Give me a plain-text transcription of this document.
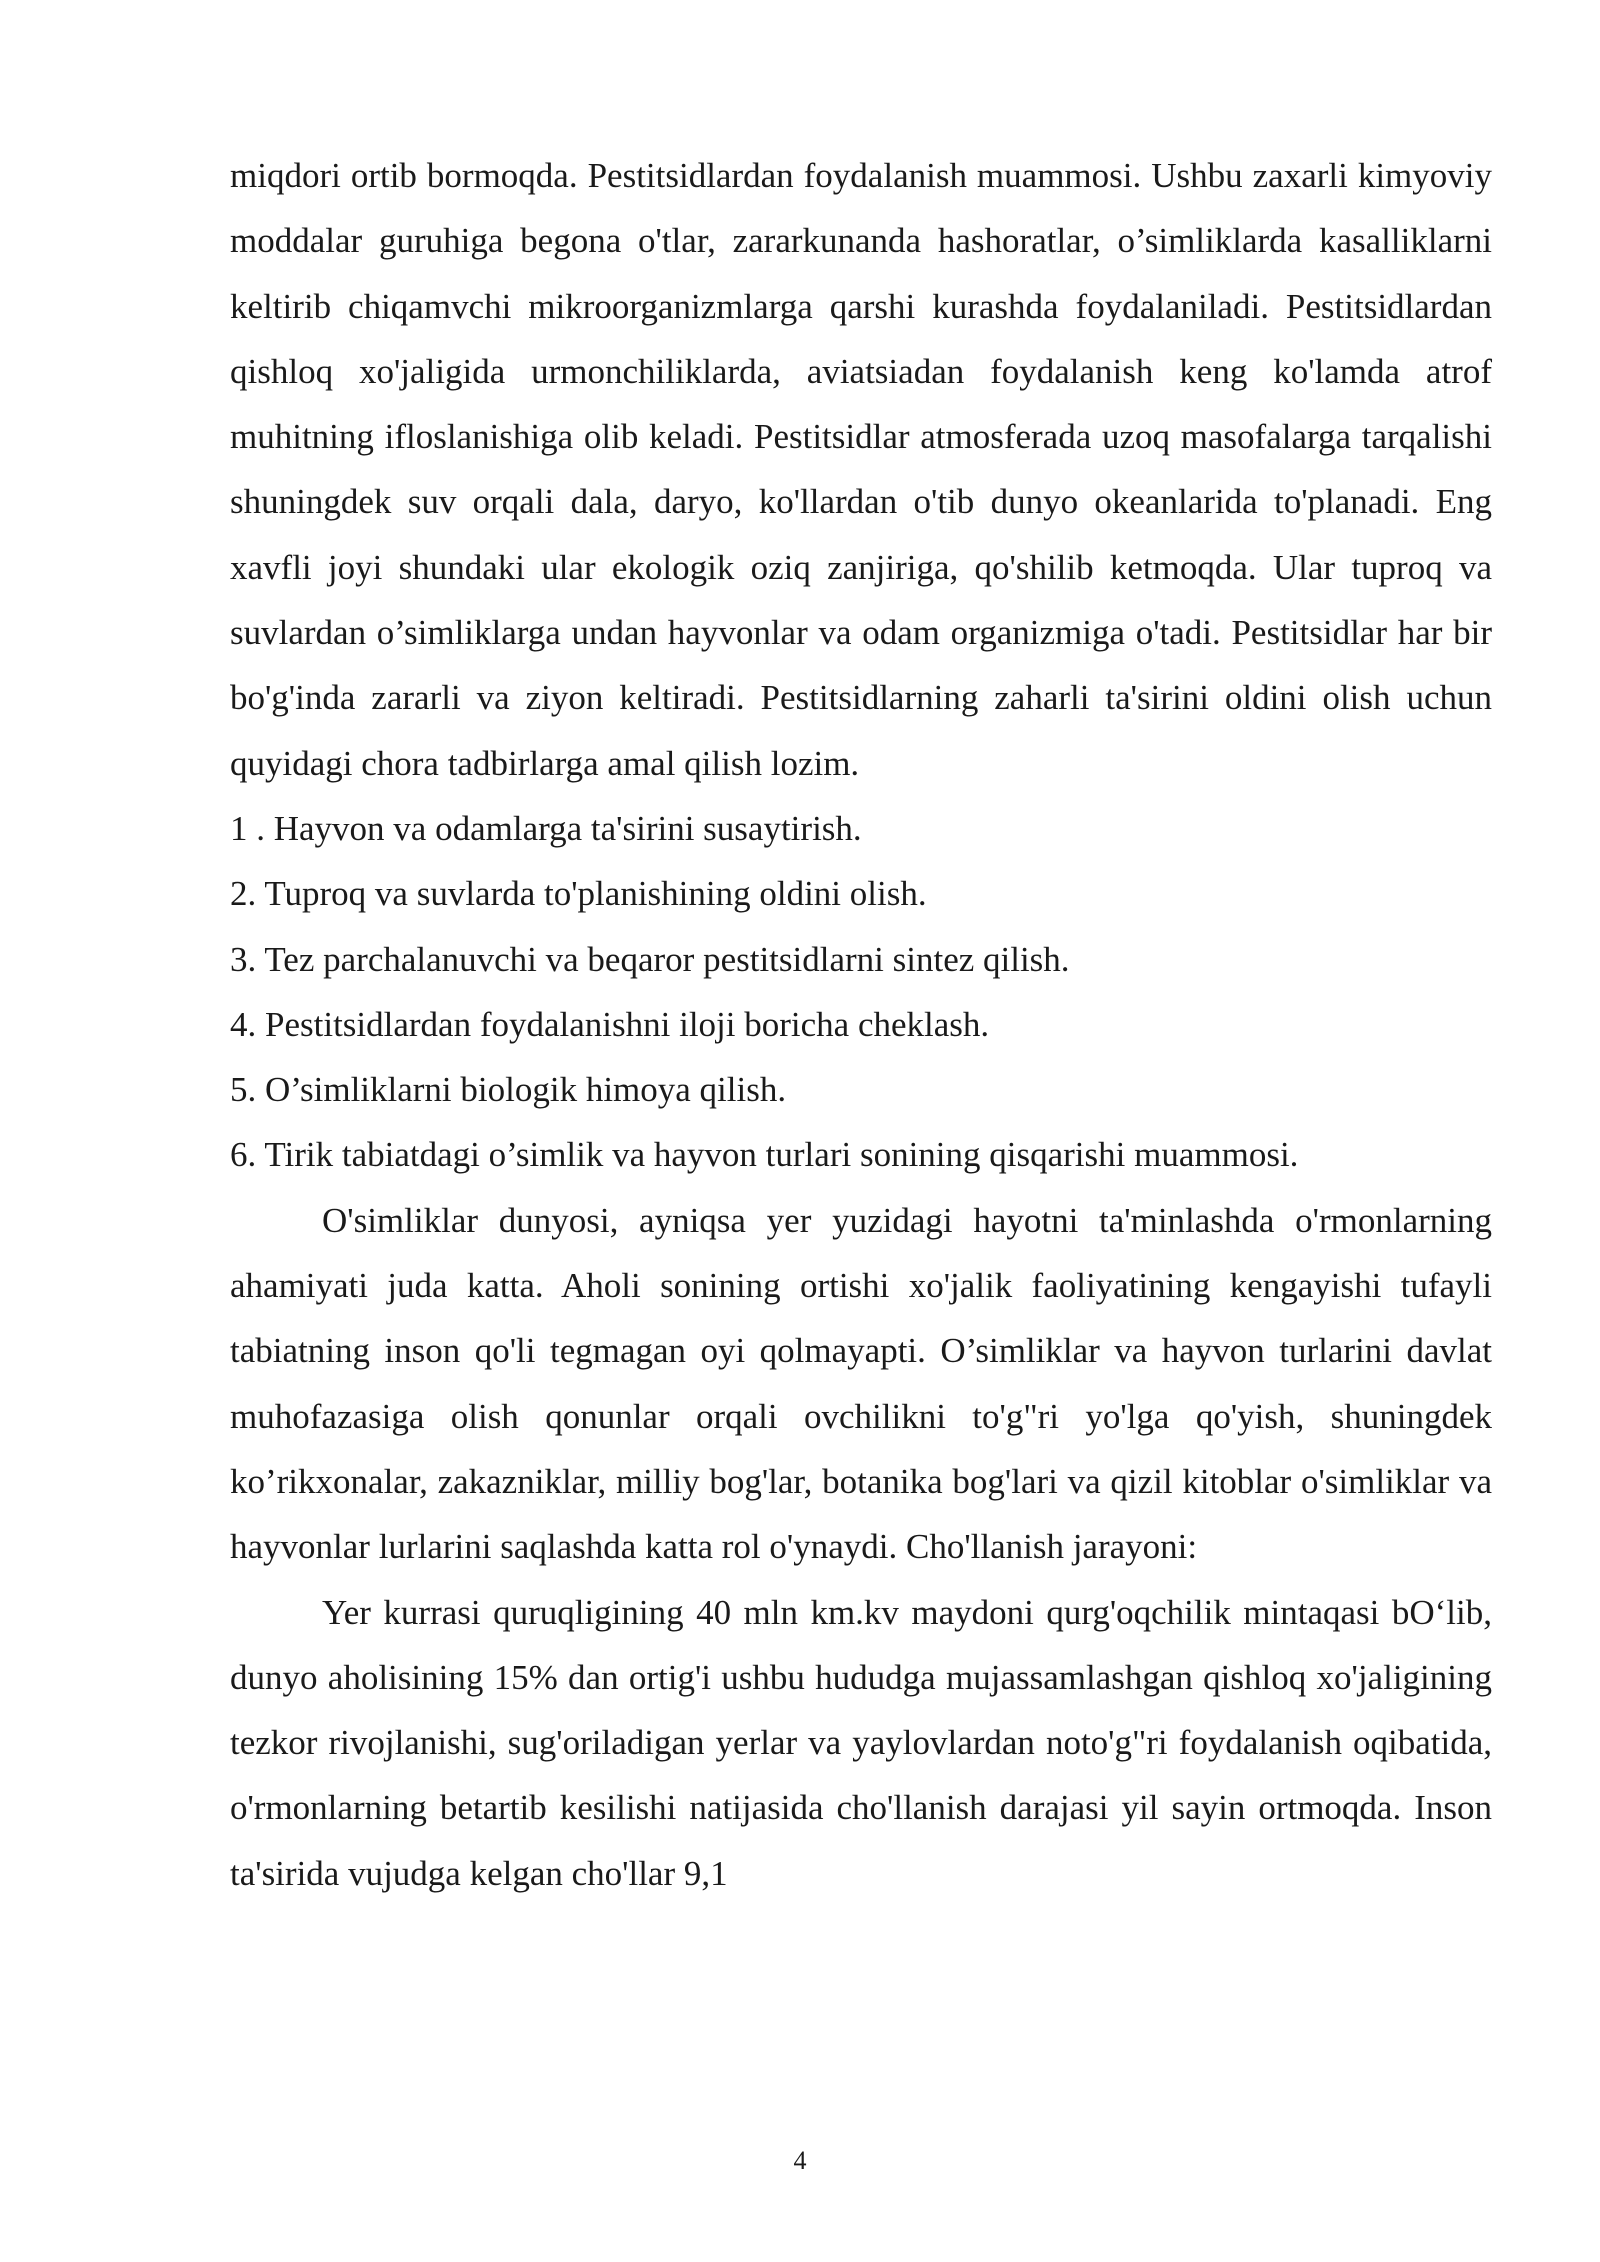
miqdori ortib bormoqda. Pestitsidlardan foydalanish muammosi. Ushbu zaxarli kimyoviy moddalar guruhiga begona o'tlar, zararkunanda hashoratlar, o’simliklarda kasalliklarni keltirib chiqamvchi mikroorganizmlarga qarshi kurashda foydalaniladi. Pestitsidlardan qishloq xo'jaligida urmonchiliklarda, aviatsiadan foydalanish keng ko'lamda atrof muhitning ifloslanishiga olib keladi. Pestitsidlar atmosferada uzoq masofalarga tarqalishi shuningdek suv orqali dala, daryo, ko'llardan o'tib dunyo okeanlarida to'planadi. Eng xavfli joyi shundaki ular ekologik oziq zanjiriga, qo'shilib ketmoqda. Ular tuproq va suvlardan o’simliklarga undan hayvonlar va odam organizmiga o'tadi. Pestitsidlar har bir bo'g'inda zararli va ziyon keltiradi. Pestitsidlarning zaharli ta'sirini oldini olish uchun quyidagi chora tadbirlarga amal qilish lozim.

1 . Hayvon va odamlarga ta'sirini susaytirish.

2. Tuproq va suvlarda to'planishining oldini olish.

3. Tez parchalanuvchi va beqaror pestitsidlarni sintez qilish.

4. Pestitsidlardan foydalanishni iloji boricha cheklash.

5. O’simliklarni biologik himoya qilish.

6. Tirik tabiatdagi o’simlik va hayvon turlari sonining qisqarishi muammosi.

O'simliklar dunyosi, ayniqsa yer yuzidagi hayotni ta'minlashda o'rmonlarning ahamiyati juda katta. Aholi sonining ortishi xo'jalik faoliyatining kengayishi tufayli tabiatning inson qo'li tegmagan oyi qolmayapti. O’simliklar va hayvon turlarini davlat muhofazasiga olish qonunlar orqali ovchilikni to'g"ri yo'lga qo'yish, shuningdek ko’rikxonalar, zakazniklar, milliy bog'lar, botanika bog'lari va qizil kitoblar o'simliklar va hayvonlar lurlarini saqlashda katta rol o'ynaydi. Cho'llanish jarayoni:

Yer kurrasi quruqligining 40 mln km.kv maydoni qurg'oqchilik mintaqasi bO‘lib, dunyo aholisining 15% dan ortig'i ushbu hududga mujassamlashgan qishloq xo'jaligining tezkor rivojlanishi, sug'oriladigan yerlar va yaylovlardan noto'g"ri foydalanish oqibatida, o'rmonlarning betartib kesilishi natijasida cho'llanish darajasi yil sayin ortmoqda. Inson ta'sirida vujudga kelgan cho'llar 9,1

4
